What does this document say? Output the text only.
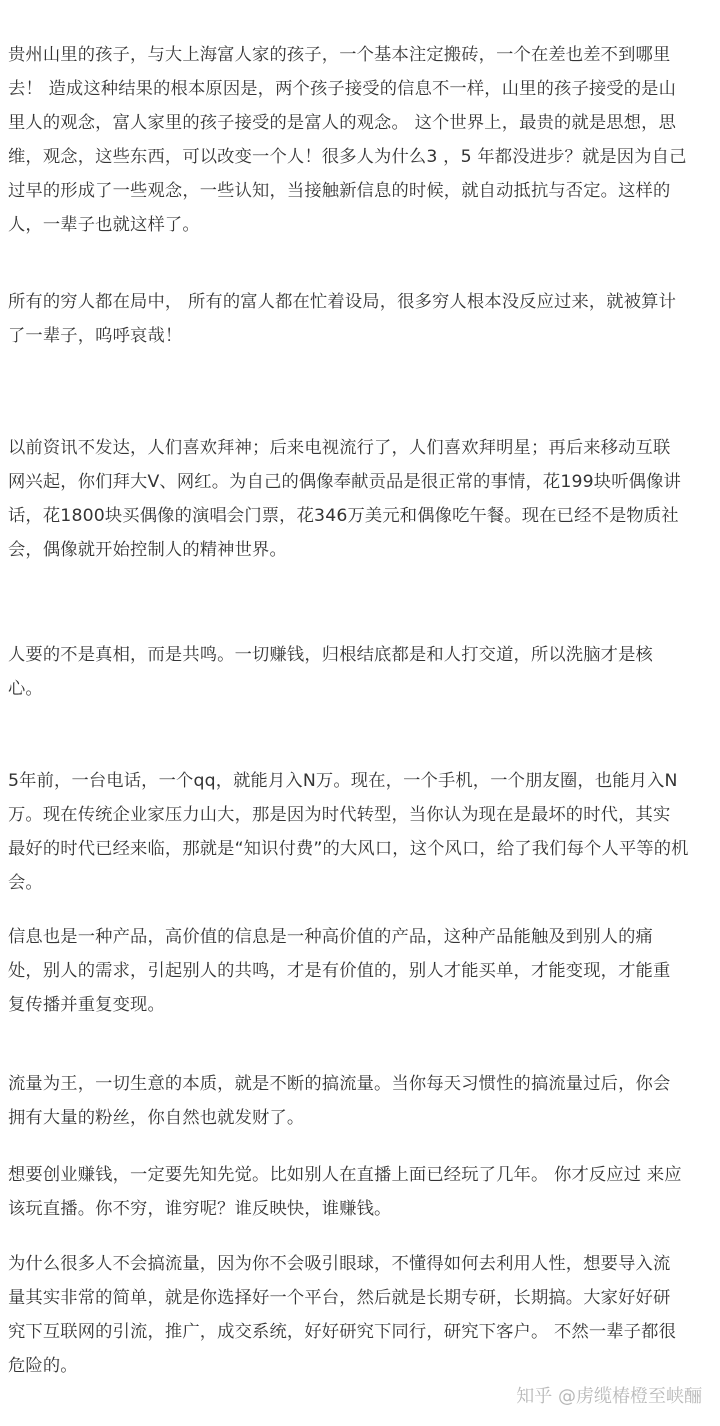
贵州山里的孩子，与大上海富人家的孩子，一个基本注定搬砖，一个在差也差不到哪里
去！ 造成这种结果的根本原因是，两个孩子接受的信息不一样，山里的孩子接受的是山
里人的观念，富人家里的孩子接受的是富人的观念。 这个世界上，最贵的就是思想，思
维，观念，这些东西，可以改变一个人！很多人为什么3 ，5 年都没进步？就是因为自己
过早的形成了一些观念，一些认知，当接触新信息的时候，就自动抵抗与否定。这样的
人，一辈子也就这样了。
所有的穷人都在局中， 所有的富人都在忙着设局，很多穷人根本没反应过来，就被算计
了一辈子，呜呼哀哉！
以前资讯不发达，人们喜欢拜神；后来电视流行了，人们喜欢拜明星；再后来移动互联
网兴起，你们拜大V、网红。为自己的偶像奉献贡品是很正常的事情，花199块听偶像讲
话，花1800块买偶像的演唱会门票，花346万美元和偶像吃午餐。现在已经不是物质社
会，偶像就开始控制人的精神世界。
人要的不是真相，而是共鸣。一切赚钱，归根结底都是和人打交道，所以洗脑才是核
心。
5年前，一台电话，一个qq，就能月入N万。现在，一个手机，一个朋友圈，也能月入N
万。现在传统企业家压力山大，那是因为时代转型，当你认为现在是最坏的时代，其实
最好的时代已经来临，那就是“知识付费”的大风口，这个风口，给了我们每个人平等的机
会。
信息也是一种产品，高价值的信息是一种高价值的产品，这种产品能触及到别人的痛
处，别人的需求，引起别人的共鸣，才是有价值的，别人才能买单，才能变现，才能重
复传播并重复变现。
流量为王，一切生意的本质，就是不断的搞流量。当你每天习惯性的搞流量过后，你会
拥有大量的粉丝，你自然也就发财了。
想要创业赚钱，一定要先知先觉。比如别人在直播上面已经玩了几年。 你才反应过 来应
该玩直播。你不穷，谁穷呢？谁反映快，谁赚钱。
为什么很多人不会搞流量，因为你不会吸引眼球，不懂得如何去利用人性，想要导入流
量其实非常的简单，就是你选择好一个平台，然后就是长期专研，长期搞。大家好好研
究下互联网的引流，推广，成交系统，好好研究下同行，研究下客户。 不然一辈子都很
危险的。
知乎 @虏缆椿橙至峡酾
